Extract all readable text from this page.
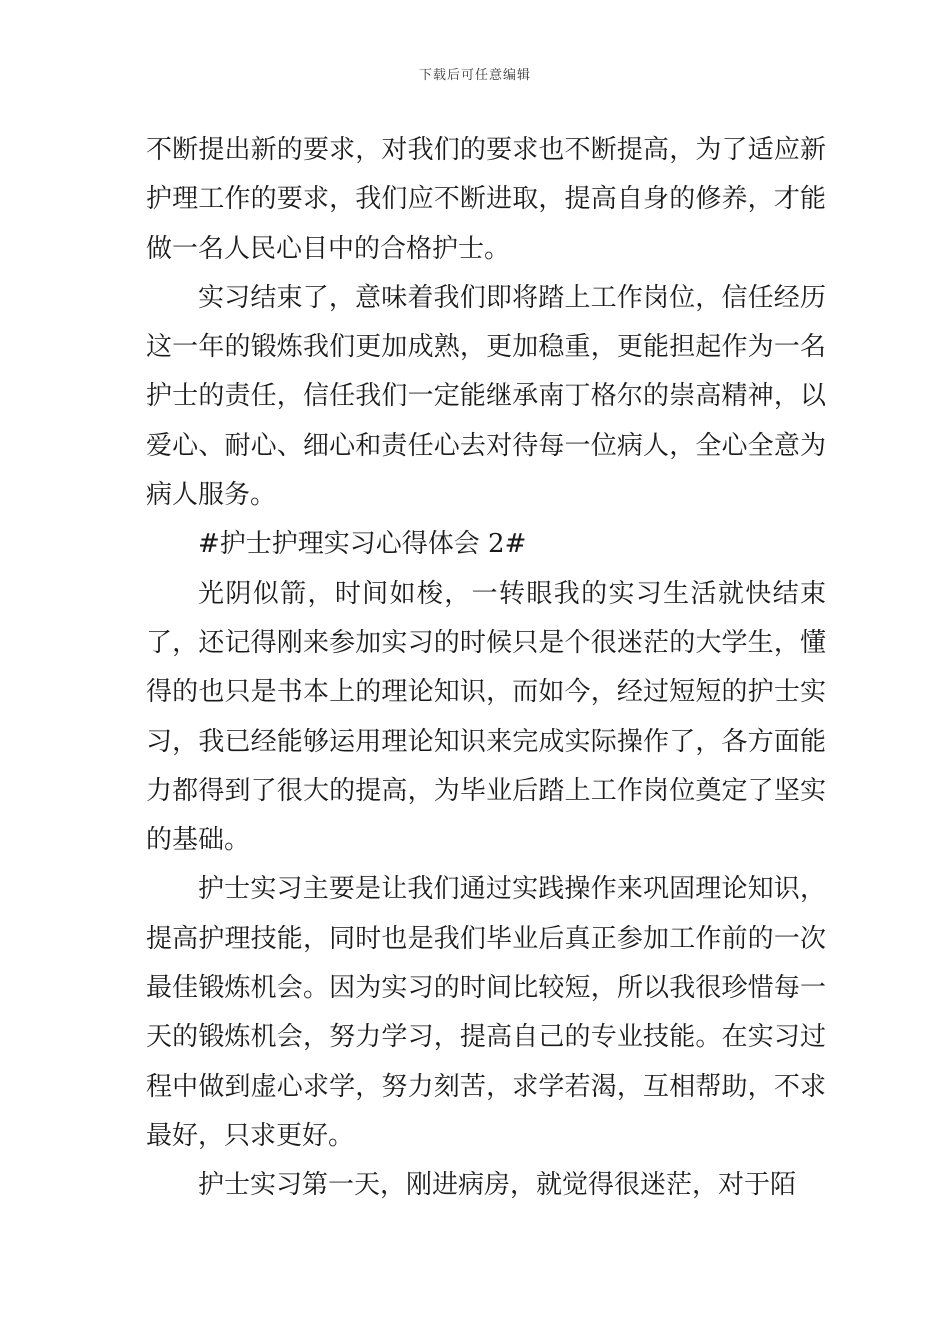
下载后可任意编辑

不断提出新的要求，对我们的要求也不断提高，为了适应新护理工作的要求，我们应不断进取，提高自身的修养，才能做一名人民心目中的合格护士。

实习结束了，意味着我们即将踏上工作岗位，信任经历这一年的锻炼我们更加成熟，更加稳重，更能担起作为一名护士的责任，信任我们一定能继承南丁格尔的崇高精神，以爱心、耐心、细心和责任心去对待每一位病人，全心全意为病人服务。

#护士护理实习心得体会 2#

光阴似箭，时间如梭，一转眼我的实习生活就快结束了，还记得刚来参加实习的时候只是个很迷茫的大学生，懂得的也只是书本上的理论知识，而如今，经过短短的护士实习，我已经能够运用理论知识来完成实际操作了，各方面能力都得到了很大的提高，为毕业后踏上工作岗位奠定了坚实的基础。

护士实习主要是让我们通过实践操作来巩固理论知识，提高护理技能，同时也是我们毕业后真正参加工作前的一次最佳锻炼机会。因为实习的时间比较短，所以我很珍惜每一天的锻炼机会，努力学习，提高自己的专业技能。在实习过程中做到虚心求学，努力刻苦，求学若渴，互相帮助，不求最好，只求更好。

护士实习第一天，刚进病房，就觉得很迷茫，对于陌
